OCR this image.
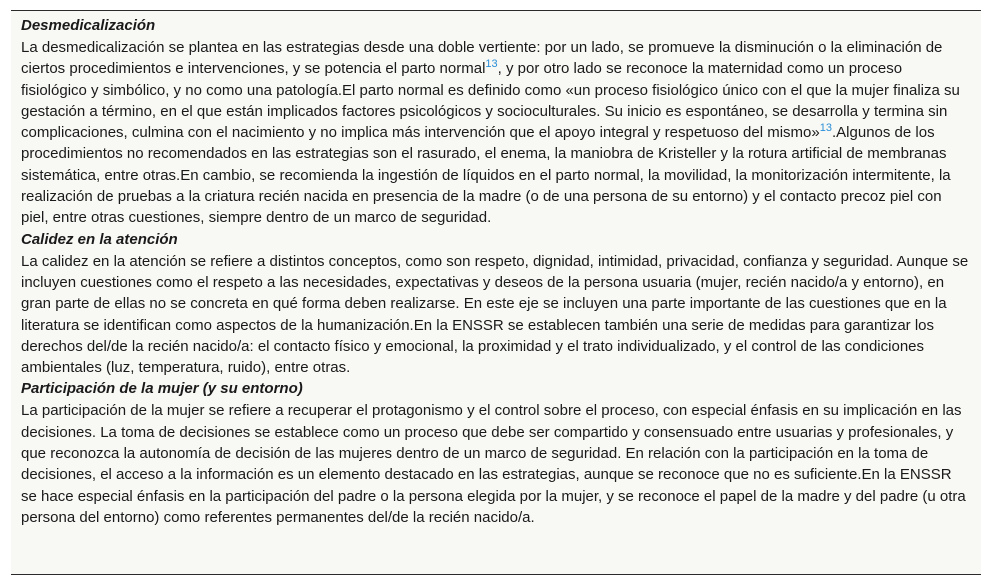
Desmedicalización

La desmedicalización se plantea en las estrategias desde una doble vertiente: por un lado, se promueve la disminución o la eliminación de ciertos procedimientos e intervenciones, y se potencia el parto normal$^{13}$, y por otro lado se reconoce la maternidad como un proceso fisiológico y simbólico, y no como una patología.El parto normal es definido como «un proceso fisiológico único con el que la mujer finaliza su gestación a término, en el que están implicados factores psicológicos y socioculturales. Su inicio es espontáneo, se desarrolla y termina sin complicaciones, culmina con el nacimiento y no implica más intervención que el apoyo integral y respetuoso del mismo»$^{13}$.Algunos de los procedimientos no recomendados en las estrategias son el rasurado, el enema, la maniobra de Kristeller y la rotura artificial de membranas sistemática, entre otras.En cambio, se recomienda la ingestión de líquidos en el parto normal, la movilidad, la monitorización intermitente, la realización de pruebas a la criatura recién nacida en presencia de la madre (o de una persona de su entorno) y el contacto precoz piel con piel, entre otras cuestiones, siempre dentro de un marco de seguridad.

Calidez en la atención

La calidez en la atención se refiere a distintos conceptos, como son respeto, dignidad, intimidad, privacidad, confianza y seguridad. Aunque se incluyen cuestiones como el respeto a las necesidades, expectativas y deseos de la persona usuaria (mujer, recién nacido/a y entorno), en gran parte de ellas no se concreta en qué forma deben realizarse. En este eje se incluyen una parte importante de las cuestiones que en la literatura se identifican como aspectos de la humanización.En la ENSSR se establecen también una serie de medidas para garantizar los derechos del/de la recién nacido/a: el contacto físico y emocional, la proximidad y el trato individualizado, y el control de las condiciones ambientales (luz, temperatura, ruido), entre otras.

Participación de la mujer (y su entorno)

La participación de la mujer se refiere a recuperar el protagonismo y el control sobre el proceso, con especial énfasis en su implicación en las decisiones. La toma de decisiones se establece como un proceso que debe ser compartido y consensuado entre usuarias y profesionales, y que reconozca la autonomía de decisión de las mujeres dentro de un marco de seguridad. En relación con la participación en la toma de decisiones, el acceso a la información es un elemento destacado en las estrategias, aunque se reconoce que no es suficiente.En la ENSSR se hace especial énfasis en la participación del padre o la persona elegida por la mujer, y se reconoce el papel de la madre y del padre (u otra persona del entorno) como referentes permanentes del/de la recién nacido/a.
